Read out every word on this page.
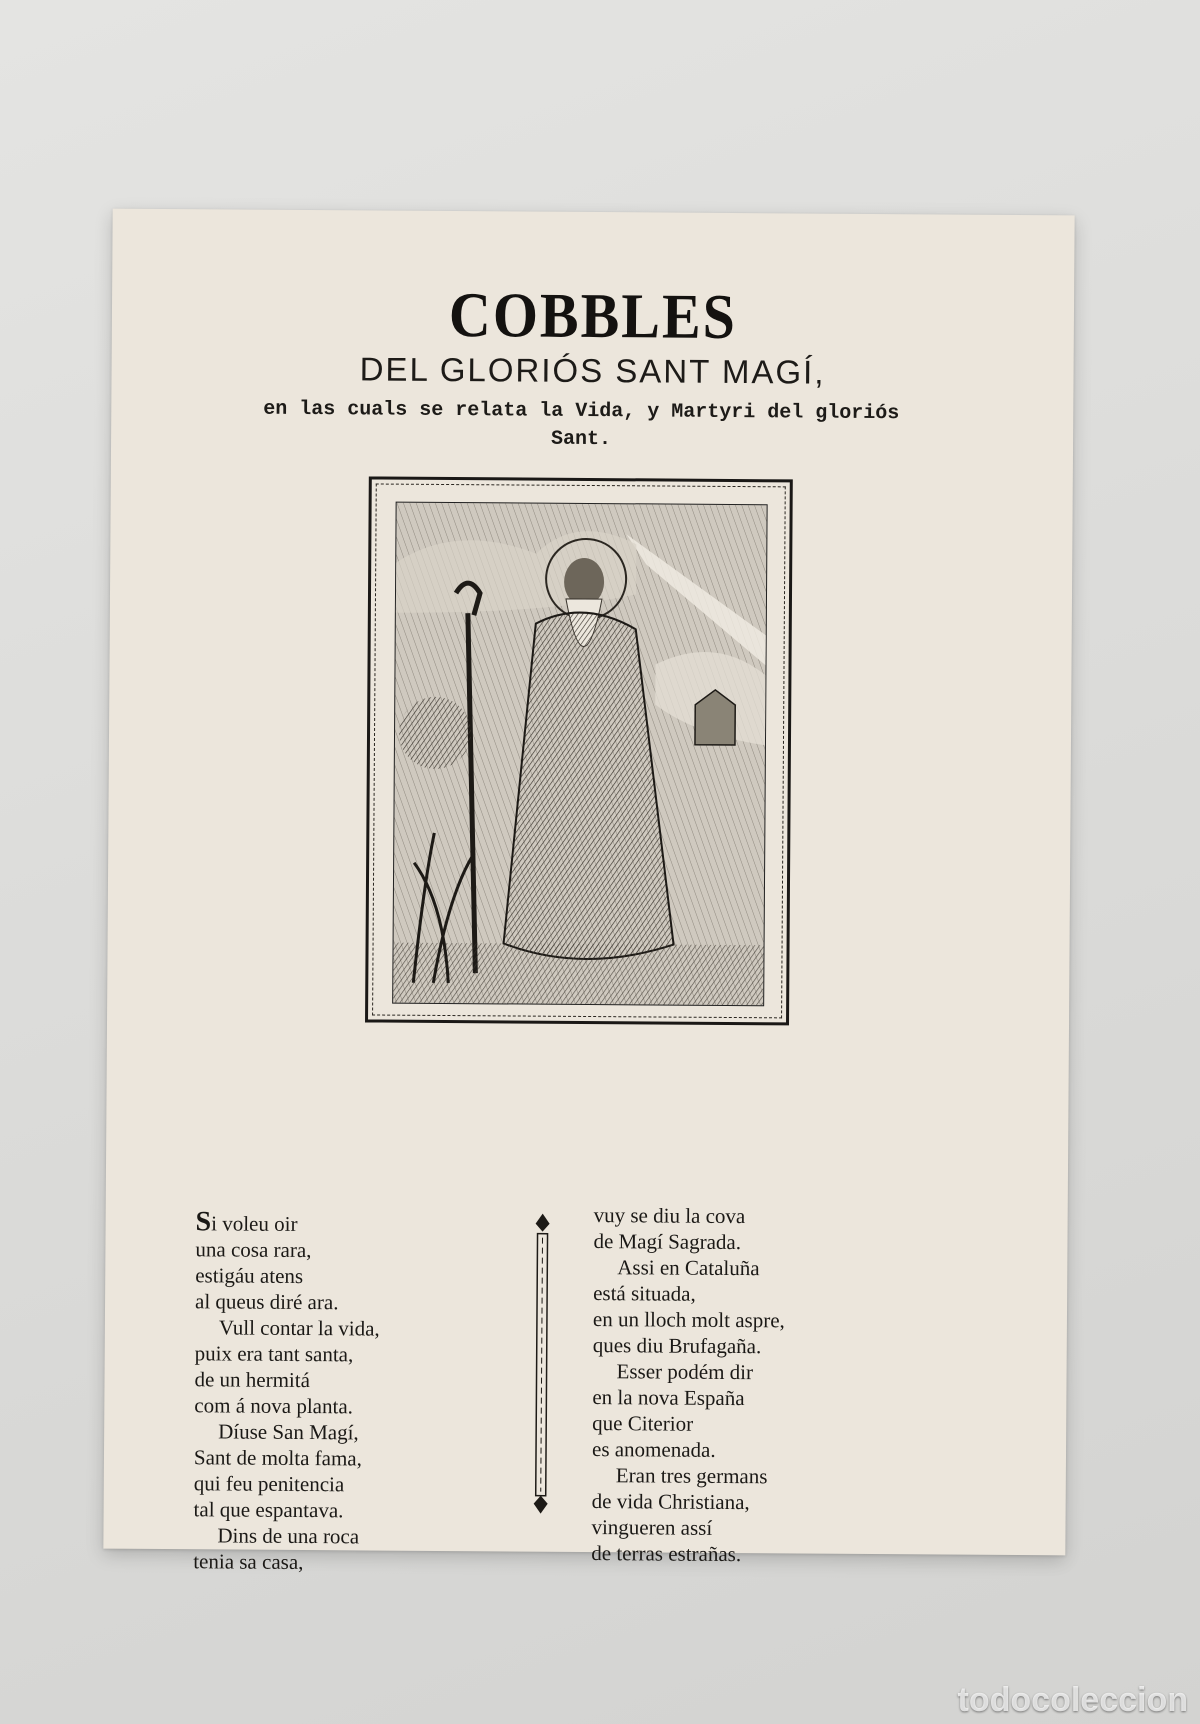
COBBLES
DEL GLORIÓS SANT MAGÍ,
en las cuals se relata la Vida, y Martyri del gloriós Sant.
Si voleu oir
una cosa rara,
estigáu atens
al queus diré ara.
Vull contar la vida,
puix era tant santa,
de un hermitá
com á nova planta.
Díuse San Magí,
Sant de molta fama,
qui feu penitencia
tal que espantava.
Dins de una roca
tenia sa casa,
vuy se diu la cova
de Magí Sagrada.
Assi en Cataluña
está situada,
en un lloch molt aspre,
ques diu Brufagaña.
Esser podém dir
en la nova España
que Citerior
es anomenada.
Eran tres germans
de vida Christiana,
vingueren assí
de terras estrañas.
todocoleccion
